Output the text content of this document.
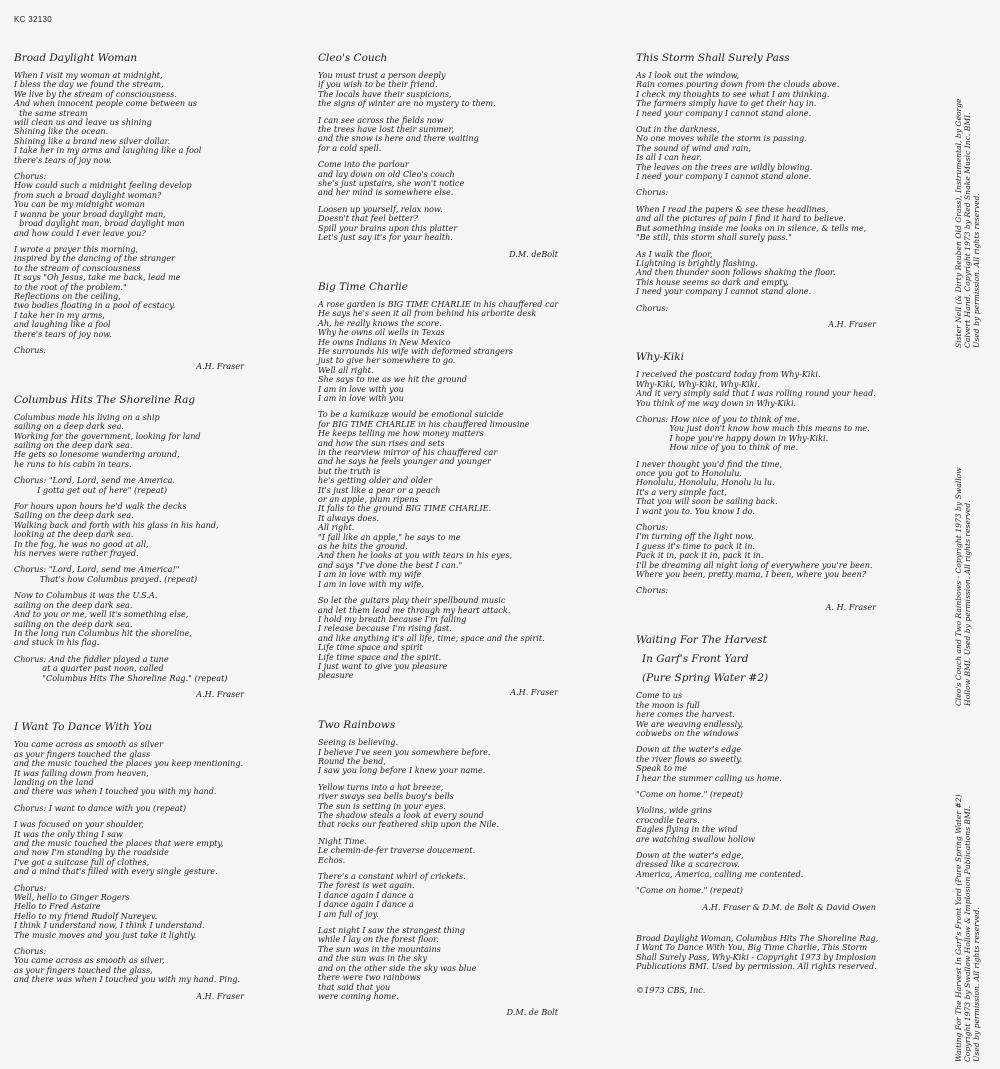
KC 32130
Broad Daylight Woman
When I visit my woman at midnight,
I bless the day we found the stream,
We live by the stream of consciousness.
And when innocent people come between us
the same stream
will clean us and leave us shining
Shining like the ocean.
Shining like a brand new silver dollar.
I take her in my arms and laughing like a fool
there's tears of joy now.
Chorus:
How could such a midnight feeling develop
from such a broad daylight woman?
You can be my midnight woman
I wanna be your broad daylight man,
broad daylight man, broad daylight man
and how could I ever leave you?
I wrote a prayer this morning,
inspired by the dancing of the stranger
to the stream of consciousness
It says "Oh Jesus, take me back, lead me
to the root of the problem."
Reflections on the ceiling,
two bodies floating in a pool of ecstacy.
I take her in my arms,
and laughing like a fool
there's tears of joy now.
Chorus:
A.H. Fraser
Columbus Hits The Shoreline Rag
Columbus made his living on a ship
sailing on a deep dark sea.
Working for the government, looking for land
sailing on the deep dark sea.
He gets so lonesome wandering around,
he runs to his cabin in tears.
Chorus: "Lord, Lord, send me America.
I gotta get out of here" (repeat)
For hours upon hours he'd walk the decks
Sailing on the deep dark sea.
Walking back and forth with his glass in his hand,
looking at the deep dark sea.
In the fog, he was no good at all,
his nerves were rather frayed.
Chorus: "Lord, Lord, send me America!"
That's how Columbus prayed. (repeat)
Now to Columbus it was the U.S.A.
sailing on the deep dark sea.
And to you or me, well it's something else,
sailing on the deep dark sea.
In the long run Columbus hit the shoreline,
and stuck in his flag.
Chorus: And the fiddler played a tune
at a quarter past noon, called
"Columbus Hits The Shoreline Rag." (repeat)
A.H. Fraser
I Want To Dance With You
You came across as smooth as silver
as your fingers touched the glass
and the music touched the places you keep mentioning.
It was falling down from heaven,
landing on the land
and there was when I touched you with my hand.
Chorus: I want to dance with you (repeat)
I was focused on your shoulder,
It was the only thing I saw
and the music touched the places that were empty,
and now I'm standing by the roadside
I've got a suitcase full of clothes,
and a mind that's filled with every single gesture.
Chorus:
Well, hello to Ginger Rogers
Hello to Fred Astaire
Hello to my friend Rudolf Nureyev.
I think I understand now, I think I understand.
The music moves and you just take it lightly.
Chorus:
You came across as smooth as silver,
as your fingers touched the glass,
and there was when I touched you with my hand. Ping.
A.H. Fraser
Cleo's Couch
You must trust a person deeply
if you wish to be their friend.
The locals have their suspicions,
the signs of winter are no mystery to them.
I can see across the fields now
the trees have lost their summer,
and the snow is here and there waiting
for a cold spell.
Come into the parlour
and lay down on old Cleo's couch
she's just upstairs, she won't notice
and her mind is somewhere else.
Loosen up yourself, relax now.
Doesn't that feel better?
Spill your brains upon this platter
Let's just say it's for your health.
D.M. deBolt
Big Time Charlie
A rose garden is BIG TIME CHARLIE in his chauffered car
He says he's seen it all from behind his arborite desk
Ah, he really knows the score.
Why he owns oil wells in Texas
He owns Indians in New Mexico
He surrounds his wife with deformed strangers
just to give her somewhere to go.
Well all right.
She says to me as we hit the ground
I am in love with you
I am in love with you
To be a kamikaze would be emotional suicide
for BIG TIME CHARLIE in his chauffered limousine
He keeps telling me how money matters
and how the sun rises and sets
in the rearview mirror of his chauffered car
and he says he feels younger and younger
but the truth is
he's getting older and older
It's just like a pear or a peach
or an apple, plum ripens
It falls to the ground BIG TIME CHARLIE.
It always does.
All right.
"I fall like an apple," he says to me
as he hits the ground.
And then he looks at you with tears in his eyes,
and says "I've done the best I can."
I am in love with my wife
I am in love with my wife.
So let the guitars play their spellbound music
and let them lead me through my heart attack.
I hold my breath because I'm falling
I release because I'm rising fast.
and like anything it's all life, time, space and the spirit.
Life time space and spirit
Life time space and the spirit.
I just want to give you pleasure
pleasure
A.H. Fraser
Two Rainbows
Seeing is believing.
I believe I've seen you somewhere before.
Round the bend,
I saw you long before I knew your name.
Yellow turns into a hot breeze,
river sways sea bells buoy's bells
The sun is setting in your eyes.
The shadow steals a look at every sound
that rocks our feathered ship upon the Nile.
Night Time.
Le chemin-de-fer traverse doucement.
Echos.
There's a constant whirl of crickets.
The forest is wet again.
I dance again I dance a
I dance again I dance a
I am full of joy.
Last night I saw the strangest thing
while I lay on the forest floor.
The sun was in the mountains
and the sun was in the sky
and on the other side the sky was blue
there were two rainbows
that said that you
were coming home.
D.M. de Bolt
This Storm Shall Surely Pass
As I look out the window,
Rain comes pouring down from the clouds above.
I check my thoughts to see what I am thinking.
The farmers simply have to get their hay in.
I need your company I cannot stand alone.
Out in the darkness,
No one moves while the storm is passing.
The sound of wind and rain,
Is all I can hear.
The leaves on the trees are wildly blowing.
I need your company I cannot stand alone.
Chorus:
When I read the papers & see these headlines,
and all the pictures of pain I find it hard to believe.
But something inside me looks on in silence, & tells me,
"Be still, this storm shall surely pass."
As I walk the floor,
Lightning is brightly flashing.
And then thunder soon follows shaking the floor.
This house seems so dark and empty,
I need your company I cannot stand alone.
Chorus:
A.H. Fraser
Why-Kiki
I received the postcard today from Why-Kiki.
Why-Kiki, Why-Kiki, Why-Kiki.
And it very simply said that I was rolling round your head.
You think of me way down in Why-Kiki.
Chorus: How nice of you to think of me.
You just don't know how much this means to me.
I hope you're happy down in Why-Kiki.
How nice of you to think of me.
I never thought you'd find the time,
once you got to Honolulu.
Honolulu, Honolulu, Honolu lu lu.
It's a very simple fact,
That you will soon be sailing back.
I want you to. You know I do.
Chorus:
I'm turning off the light now.
I guess it's time to pack it in.
Pack it in, pack it in, pack it in.
I'll be dreaming all night long of everywhere you're been.
Where you been, pretty mama, I been, where you been?
Chorus:
A. H. Fraser
Waiting For The Harvest
In Garf's Front Yard
(Pure Spring Water #2)
Come to us
the moon is full
here comes the harvest.
We are weaving endlessly,
cobwebs on the windows
Down at the water's edge
the river flows so sweetly.
Speak to me
I hear the summer calling us home.
"Come on home." (repeat)
Violins, wide grins
crocodile tears.
Eagles flying in the wind
are watching swallow hollow
Down at the water's edge,
dressed like a scarecrow.
America, America, calling me contented.
"Come on home." (repeat)
A.H. Fraser & D.M. de Bolt & David Owen
Broad Daylight Woman, Columbus Hits The Shoreline Rag,
I Want To Dance With You, Big Time Charlie, This Storm
Shall Surely Pass, Why-Kiki - Copyright 1973 by Implosion
Publications BMI. Used by permission. All rights reserved.
©1973 CBS, Inc.
Sister Nell (& Dirty Reuben Old Grass), Instrumental, by George Calvert Hand. Copyright 1973 by Red Snake Music Inc. BMI. Used by permission. All rights reserved.
Cleo's Couch and Two Rainbows - Copyright 1973 by Swallow Hollow BMI. Used by permission. All rights reserved.
Waiting For The Harvest In Garf's Front Yard (Pure Spring Water #2) Copyright 1973 by Swallow Hollow & Implosion Publications BMI. Used by permission. All rights reserved.
